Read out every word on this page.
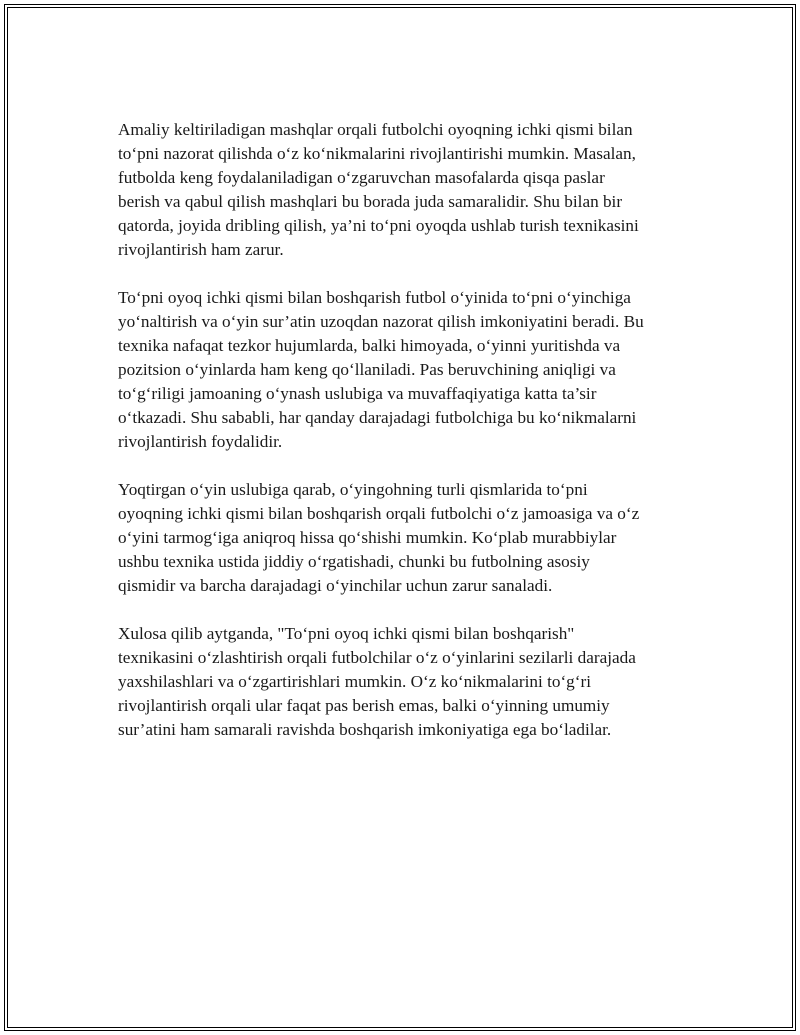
Amaliy keltiriladigan mashqlar orqali futbolchi oyoqning ichki qismi bilan
to‘pni nazorat qilishda o‘z ko‘nikmalarini rivojlantirishi mumkin. Masalan,
futbolda keng foydalaniladigan o‘zgaruvchan masofalarda qisqa paslar
berish va qabul qilish mashqlari bu borada juda samaralidir. Shu bilan bir
qatorda, joyida dribling qilish, ya’ni to‘pni oyoqda ushlab turish texnikasini
rivojlantirish ham zarur.

To‘pni oyoq ichki qismi bilan boshqarish futbol o‘yinida to‘pni o‘yinchiga
yo‘naltirish va o‘yin sur’atin uzoqdan nazorat qilish imkoniyatini beradi. Bu
texnika nafaqat tezkor hujumlarda, balki himoyada, o‘yinni yuritishda va
pozitsion o‘yinlarda ham keng qo‘llaniladi. Pas beruvchining aniqligi va
to‘g‘riligi jamoaning o‘ynash uslubiga va muvaffaqiyatiga katta ta’sir
o‘tkazadi. Shu sababli, har qanday darajadagi futbolchiga bu ko‘nikmalarni
rivojlantirish foydalidir.

Yoqtirgan o‘yin uslubiga qarab, o‘yingohning turli qismlarida to‘pni
oyoqning ichki qismi bilan boshqarish orqali futbolchi o‘z jamoasiga va o‘z
o‘yini tarmog‘iga aniqroq hissa qo‘shishi mumkin. Ko‘plab murabbiylar
ushbu texnika ustida jiddiy o‘rgatishadi, chunki bu futbolning asosiy
qismidir va barcha darajadagi o‘yinchilar uchun zarur sanaladi.

Xulosa qilib aytganda, "To‘pni oyoq ichki qismi bilan boshqarish"
texnikasini o‘zlashtirish orqali futbolchilar o‘z o‘yinlarini sezilarli darajada
yaxshilashlari va o‘zgartirishlari mumkin. O‘z ko‘nikmalarini to‘g‘ri
rivojlantirish orqali ular faqat pas berish emas, balki o‘yinning umumiy
sur’atini ham samarali ravishda boshqarish imkoniyatiga ega bo‘ladilar.
